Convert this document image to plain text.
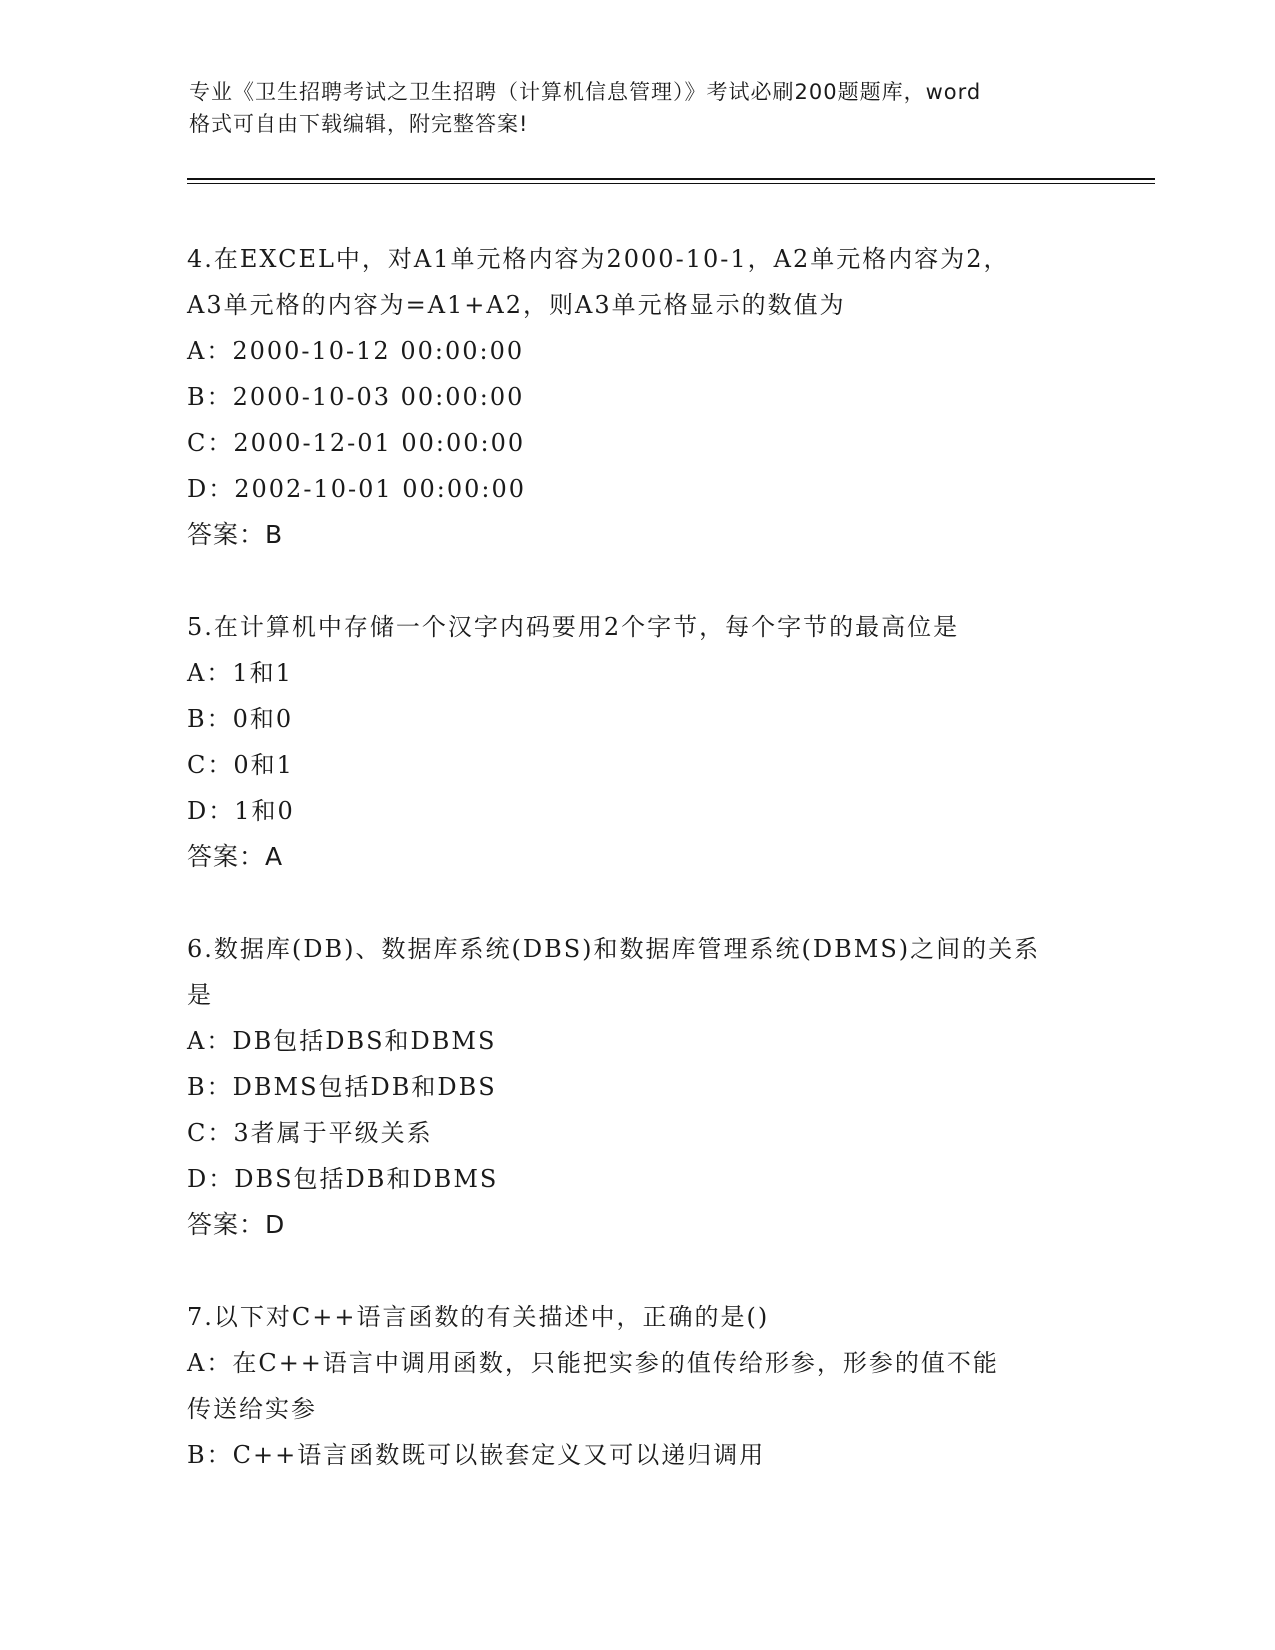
专业《卫生招聘考试之卫生招聘（计算机信息管理）》考试必刷200题题库，word
格式可自由下载编辑，附完整答案!
4.在EXCEL中，对A1单元格内容为2000-10-1，A2单元格内容为2，
A3单元格的内容为=A1+A2，则A3单元格显示的数值为
A：2000-10-12 00:00:00
B：2000-10-03 00:00:00
C：2000-12-01 00:00:00
D：2002-10-01 00:00:00
答案：B
5.在计算机中存储一个汉字内码要用2个字节，每个字节的最高位是
A：1和1
B：0和0
C：0和1
D：1和0
答案：A
6.数据库(DB)、数据库系统(DBS)和数据库管理系统(DBMS)之间的关系
是
A：DB包括DBS和DBMS
B：DBMS包括DB和DBS
C：3者属于平级关系
D：DBS包括DB和DBMS
答案：D
7.以下对C++语言函数的有关描述中，正确的是()
A：在C++语言中调用函数，只能把实参的值传给形参，形参的值不能
传送给实参
B：C++语言函数既可以嵌套定义又可以递归调用
